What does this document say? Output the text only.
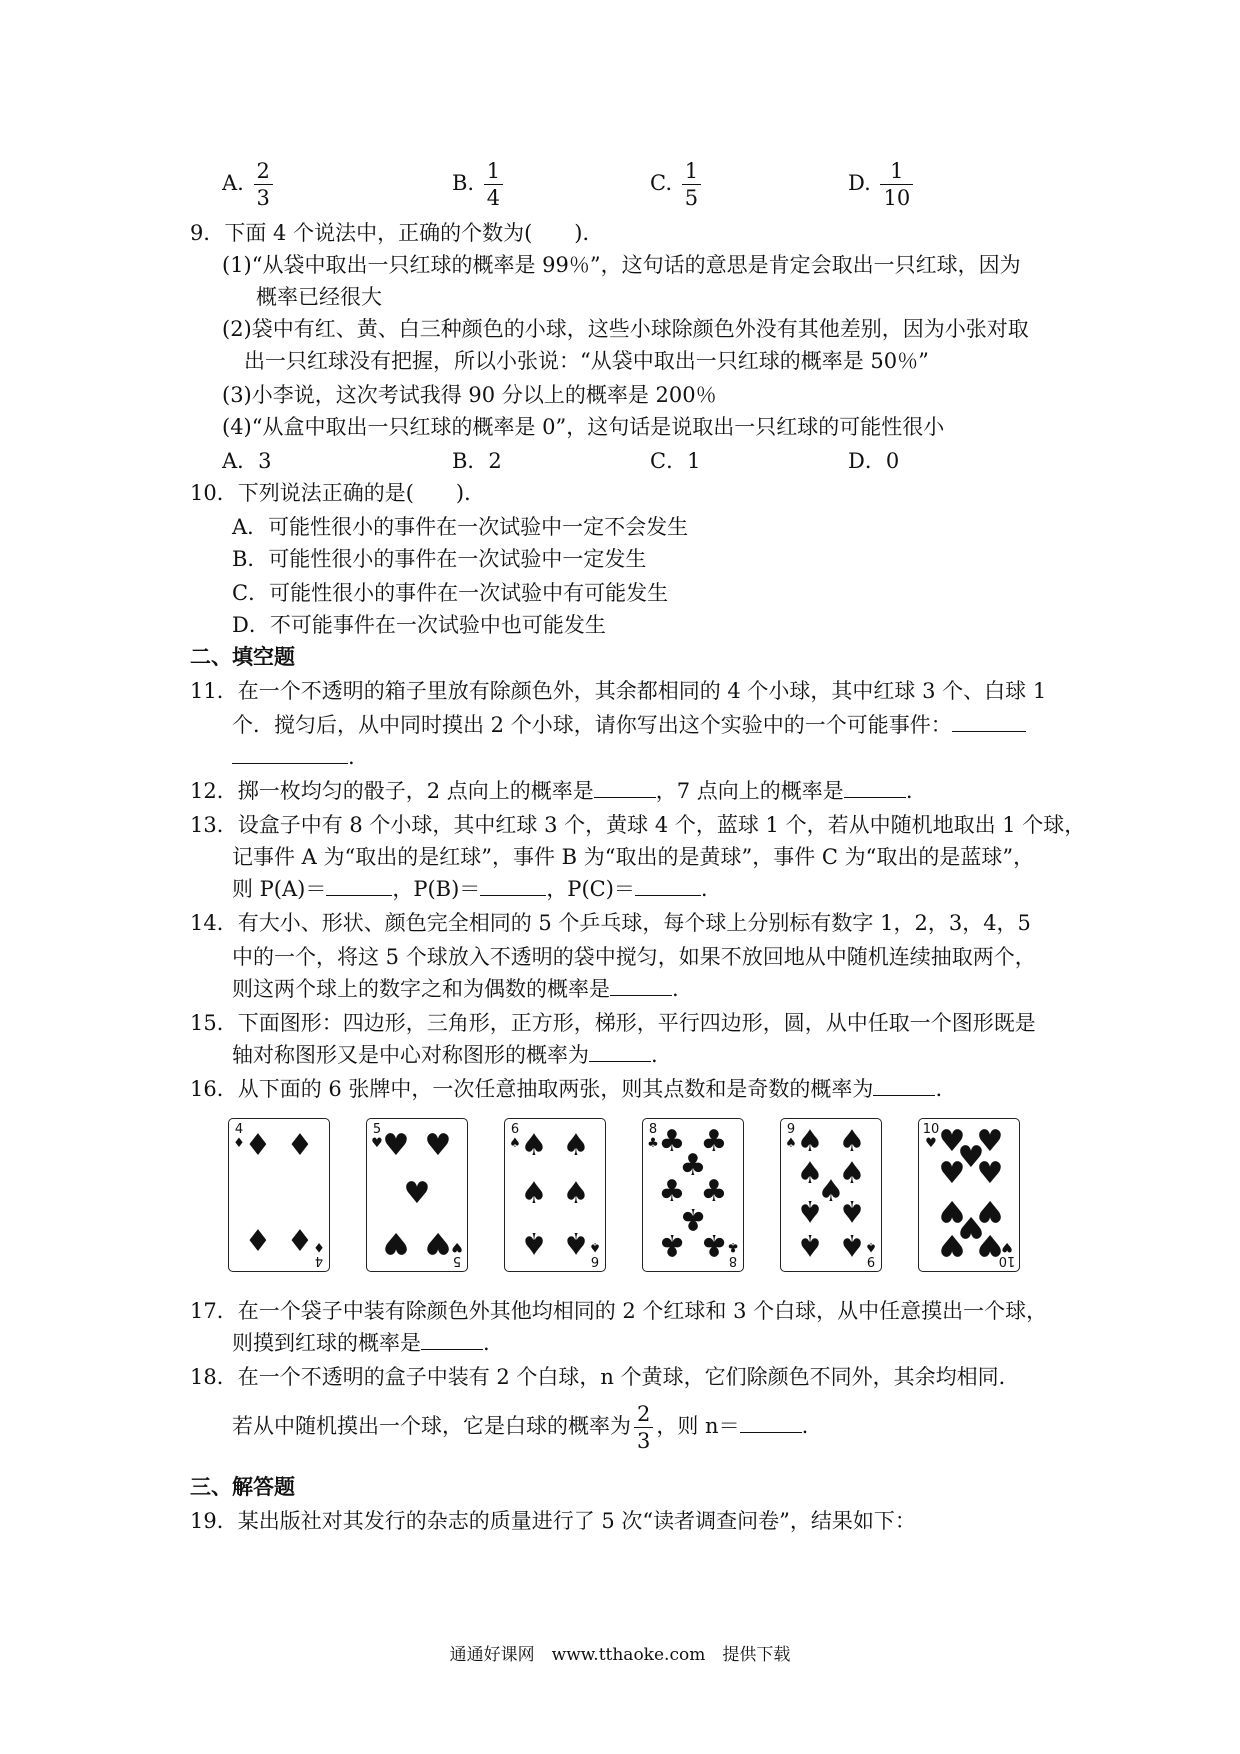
A. $\frac{2}{3}$	B. $\frac{1}{4}$	C. $\frac{1}{5}$	D. $\frac{1}{10}$
9．下面 4 个说法中，正确的个数为(　　)．
(1)“从袋中取出一只红球的概率是 99％”，这句话的意思是肯定会取出一只红球，因为
概率已经很大
(2)袋中有红、黄、白三种颜色的小球，这些小球除颜色外没有其他差别，因为小张对取
出一只红球没有把握，所以小张说：“从袋中取出一只红球的概率是 50％”
(3)小李说，这次考试我得 90 分以上的概率是 200％
(4)“从盒中取出一只红球的概率是 0”，这句话是说取出一只红球的可能性很小
A．3	B．2	C．1	D．0
10．下列说法正确的是(　　)．
A．可能性很小的事件在一次试验中一定不会发生
B．可能性很小的事件在一次试验中一定发生
C．可能性很小的事件在一次试验中有可能发生
D．不可能事件在一次试验中也可能发生
二、填空题
11．在一个不透明的箱子里放有除颜色外，其余都相同的 4 个小球，其中红球 3 个、白球 1
个．搅匀后，从中同时摸出 2 个小球，请你写出这个实验中的一个可能事件：
.
12．掷一枚均匀的骰子，2 点向上的概率是	，7 点向上的概率是	.
13．设盒子中有 8 个小球，其中红球 3 个，黄球 4 个，蓝球 1 个，若从中随机地取出 1 个球，
记事件 A 为“取出的是红球”，事件 B 为“取出的是黄球”，事件 C 为“取出的是蓝球”，
则 P(A)＝	，P(B)＝	，P(C)＝	.
14．有大小、形状、颜色完全相同的 5 个乒乓球，每个球上分别标有数字 1，2，3，4，5
中的一个，将这 5 个球放入不透明的袋中搅匀，如果不放回地从中随机连续抽取两个，
则这两个球上的数字之和为偶数的概率是	.
15．下面图形：四边形，三角形，正方形，梯形，平行四边形，圆，从中任取一个图形既是
轴对称图形又是中心对称图形的概率为	.
16．从下面的 6 张牌中，一次任意抽取两张，则其点数和是奇数的概率为	.
4
♦ ♦ ♦
♦ ♦
4
♦
5
♥ ♥ ♥
♥
♥ ♥
5
♥
6
♠ ♠ ♠
♠ ♠
♠ ♠
6
♠
8
♣ ♣ ♣
♣
♣ ♣
♣
♣ ♣ 8
♣
9
♠ ♠ ♠
♠ ♠
♠
♠ ♠
♠ ♠ 9
♠
10
♥ ♥ ♥
♥
♥ ♥
♥ ♥
♥
♥ ♥
10
♥
17．在一个袋子中装有除颜色外其他均相同的 2 个红球和 3 个白球，从中任意摸出一个球，
则摸到红球的概率是	.
18．在一个不透明的盒子中装有 2 个白球，n 个黄球，它们除颜色不同外，其余均相同．
若从中随机摸出一个球，它是白球的概率为 $\frac{2}{3}$ ，则 n＝	.
三、解答题
19．某出版社对其发行的杂志的质量进行了 5 次“读者调查问卷”，结果如下：
通通好课网　www.tthaoke.com　提供下载
